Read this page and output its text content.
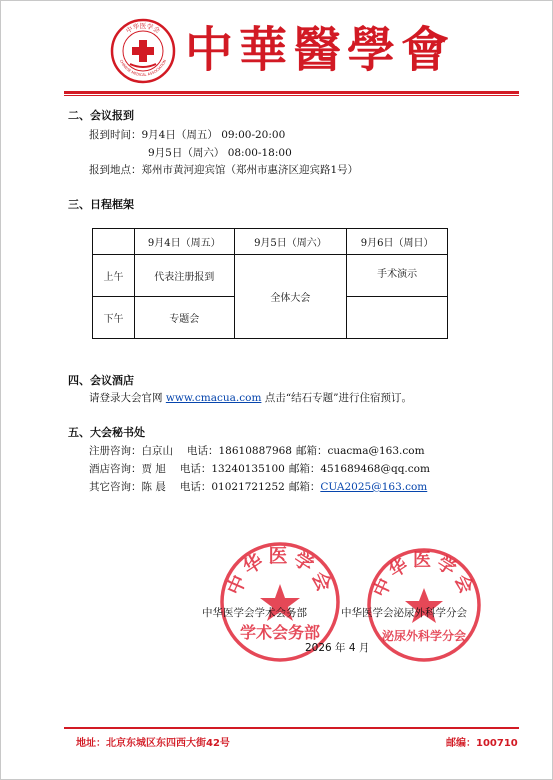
中华医学会
CHINESE MEDICAL ASSOCIATION 中華醫學會
二、会议报到
报到时间：9月4日（周五） 09:00-20:00
9月5日（周六） 08:00-18:00
报到地点：郑州市黄河迎宾馆（郑州市惠济区迎宾路1号）
三、日程框架
	9月4日（周五）	9月5日（周六）	9月6日（周日）
上午	代表注册报到	全体大会	手术演示
下午	专题会		
四、会议酒店
请登录大会官网 www.cmacua.com 点击“结石专题”进行住宿预订。
五、大会秘书处
注册咨询：白京山 电话：18610887968 邮箱：cuacma@163.com
酒店咨询：贾 旭 电话：13240135100 邮箱：451689468@qq.com
其它咨询：陈 晨 电话：01021721252 邮箱：CUA2025@163.com
中华医学会
学术会务部
中华医学会
泌尿外科学分会
中华医学会学术会务部	中华医学会泌尿外科学分会
2026 年 4 月
地址：北京东城区东四西大街42号	邮编：100710
